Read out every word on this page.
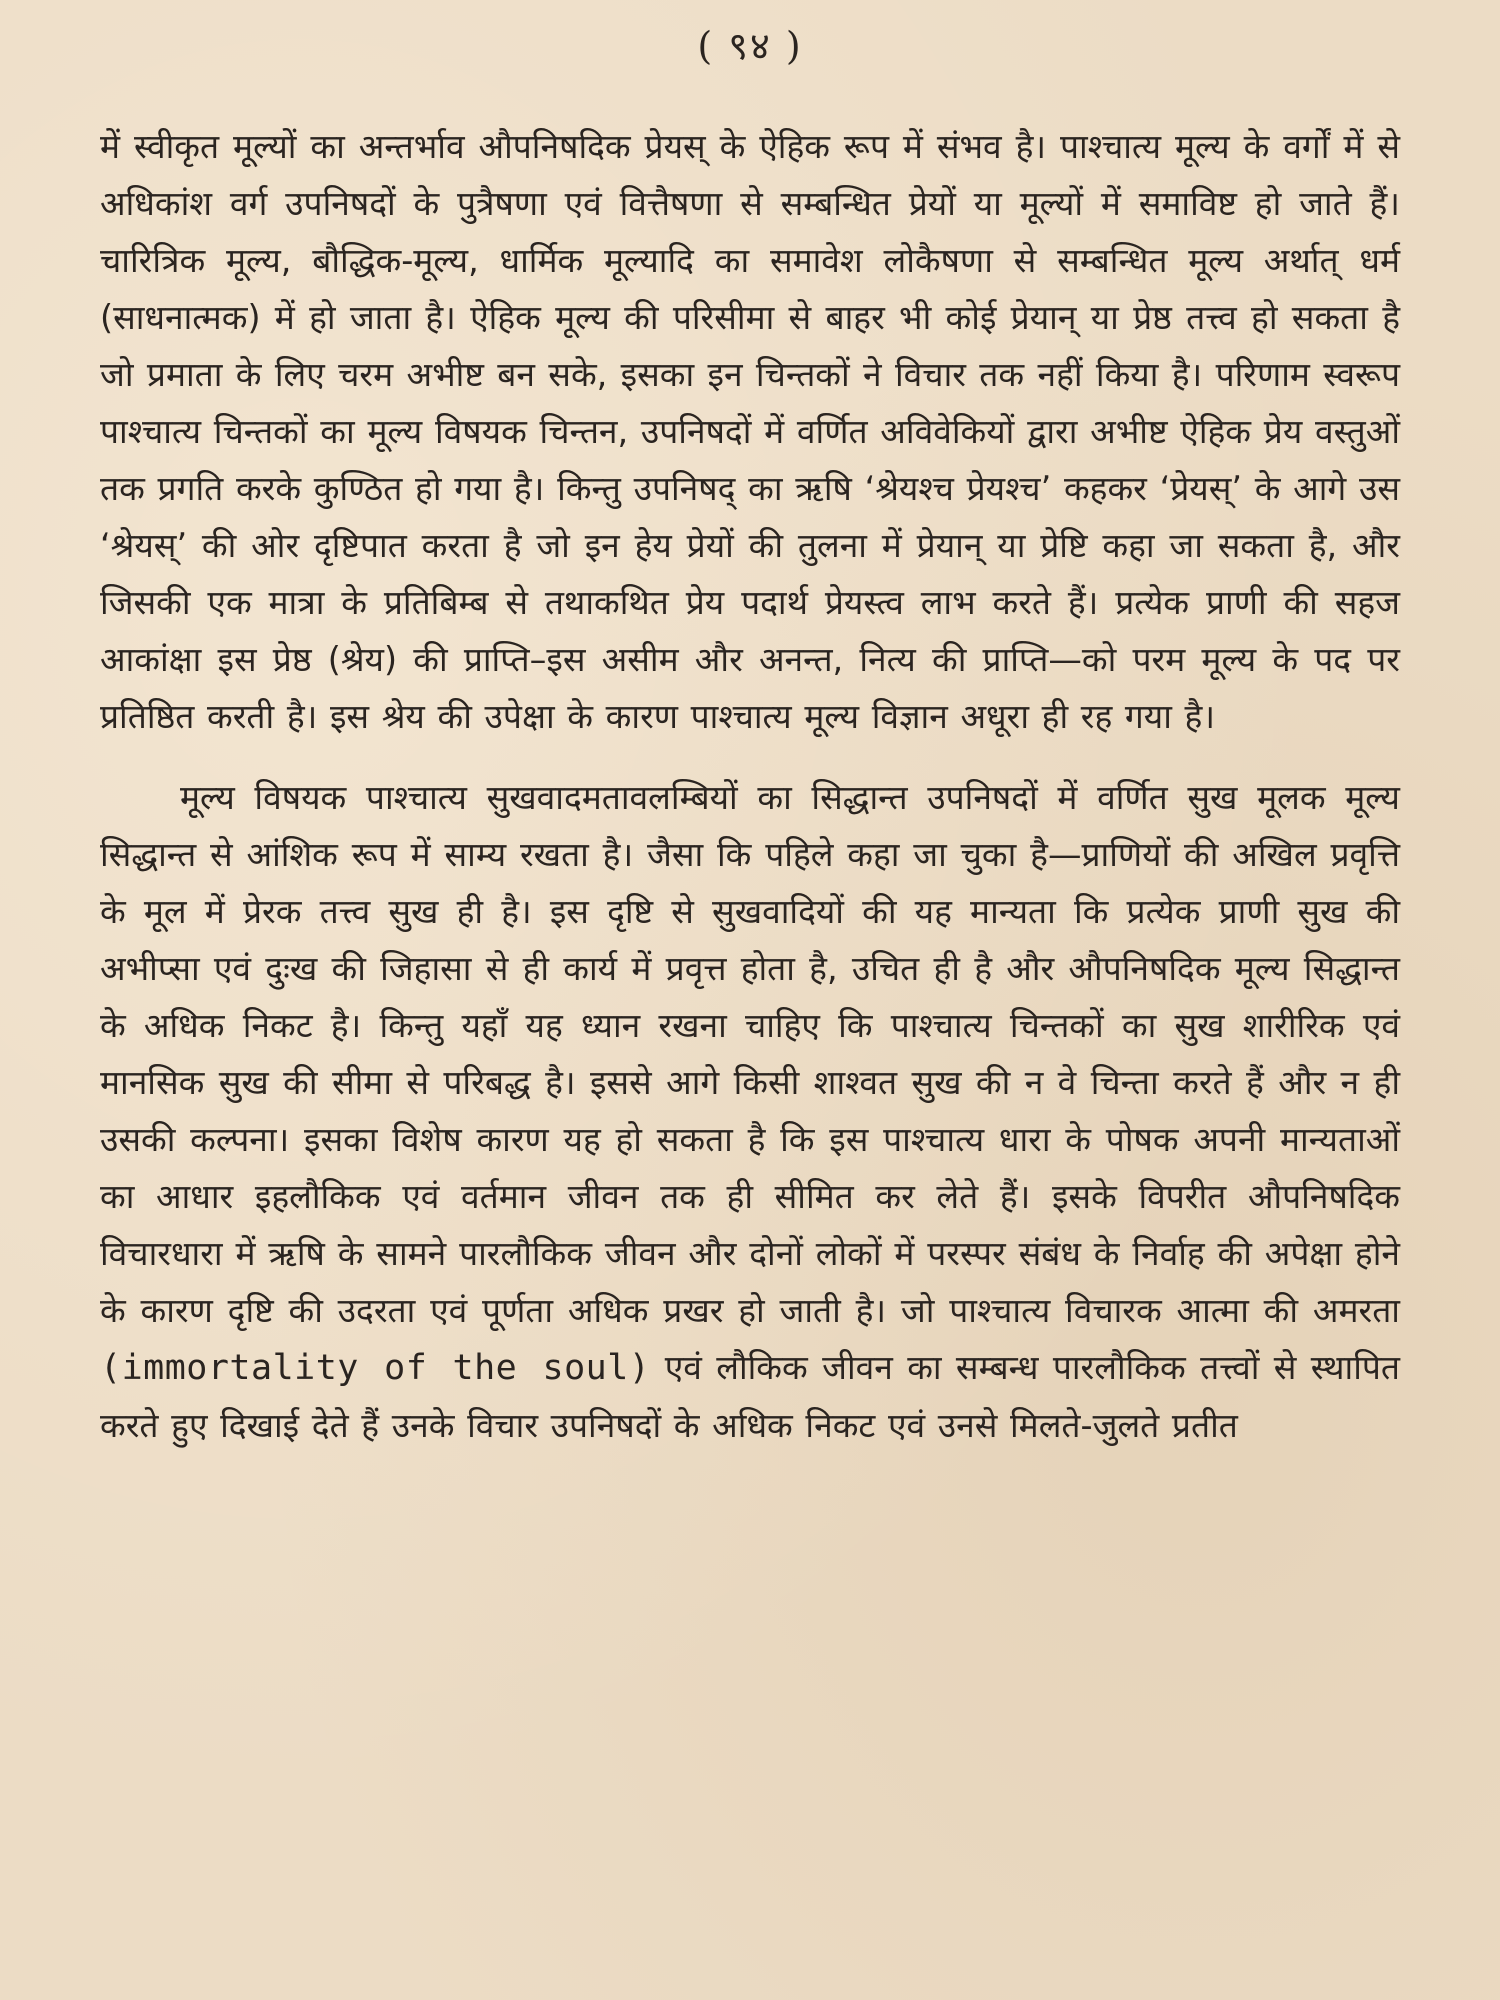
( ९४ )

में स्वीकृत मूल्यों का अन्तर्भाव औपनिषदिक प्रेयस् के ऐहिक रूप में संभव है। पाश्चात्य मूल्य के वर्गों में से अधिकांश वर्ग उपनिषदों के पुत्रैषणा एवं वित्तैषणा से सम्बन्धित प्रेयों या मूल्यों में समाविष्ट हो जाते हैं। चारित्रिक मूल्य, बौद्धिक-मूल्य, धार्मिक मूल्यादि का समावेश लोकैषणा से सम्बन्धित मूल्य अर्थात् धर्म (साधनात्मक) में हो जाता है। ऐहिक मूल्य की परिसीमा से बाहर भी कोई प्रेयान् या प्रेष्ठ तत्त्व हो सकता है जो प्रमाता के लिए चरम अभीष्ट बन सके, इसका इन चिन्तकों ने विचार तक नहीं किया है। परिणाम स्वरूप पाश्चात्य चिन्तकों का मूल्य विषयक चिन्तन, उपनिषदों में वर्णित अविवेकियों द्वारा अभीष्ट ऐहिक प्रेय वस्तुओं तक प्रगति करके कुण्ठित हो गया है। किन्तु उपनिषद् का ऋषि ‘श्रेयश्च प्रेयश्च’ कहकर ‘प्रेयस्’ के आगे उस ‘श्रेयस्’ की ओर दृष्टिपात करता है जो इन हेय प्रेयों की तुलना में प्रेयान् या प्रेष्टि कहा जा सकता है, और जिसकी एक मात्रा के प्रतिबिम्ब से तथाकथित प्रेय पदार्थ प्रेयस्त्व लाभ करते हैं। प्रत्येक प्राणी की सहज आकांक्षा इस प्रेष्ठ (श्रेय) की प्राप्ति–इस असीम और अनन्त, नित्य की प्राप्ति—को परम मूल्य के पद पर प्रतिष्ठित करती है। इस श्रेय की उपेक्षा के कारण पाश्चात्य मूल्य विज्ञान अधूरा ही रह गया है।

मूल्य विषयक पाश्चात्य सुखवादमतावलम्बियों का सिद्धान्त उपनिषदों में वर्णित सुख मूलक मूल्य सिद्धान्त से आंशिक रूप में साम्य रखता है। जैसा कि पहिले कहा जा चुका है—प्राणियों की अखिल प्रवृत्ति के मूल में प्रेरक तत्त्व सुख ही है। इस दृष्टि से सुखवादियों की यह मान्यता कि प्रत्येक प्राणी सुख की अभीप्सा एवं दुःख की जिहासा से ही कार्य में प्रवृत्त होता है, उचित ही है और औपनिषदिक मूल्य सिद्धान्त के अधिक निकट है। किन्तु यहाँ यह ध्यान रखना चाहिए कि पाश्चात्य चिन्तकों का सुख शारीरिक एवं मानसिक सुख की सीमा से परिबद्ध है। इससे आगे किसी शाश्वत सुख की न वे चिन्ता करते हैं और न ही उसकी कल्पना। इसका विशेष कारण यह हो सकता है कि इस पाश्चात्य धारा के पोषक अपनी मान्यताओं का आधार इहलौकिक एवं वर्तमान जीवन तक ही सीमित कर लेते हैं। इसके विपरीत औपनिषदिक विचारधारा में ऋषि के सामने पारलौकिक जीवन और दोनों लोकों में परस्पर संबंध के निर्वाह की अपेक्षा होने के कारण दृष्टि की उदरता एवं पूर्णता अधिक प्रखर हो जाती है। जो पाश्चात्य विचारक आत्मा की अमरता (immortality of the soul) एवं लौकिक जीवन का सम्बन्ध पारलौकिक तत्त्वों से स्थापित करते हुए दिखाई देते हैं उनके विचार उपनिषदों के अधिक निकट एवं उनसे मिलते-जुलते प्रतीत
